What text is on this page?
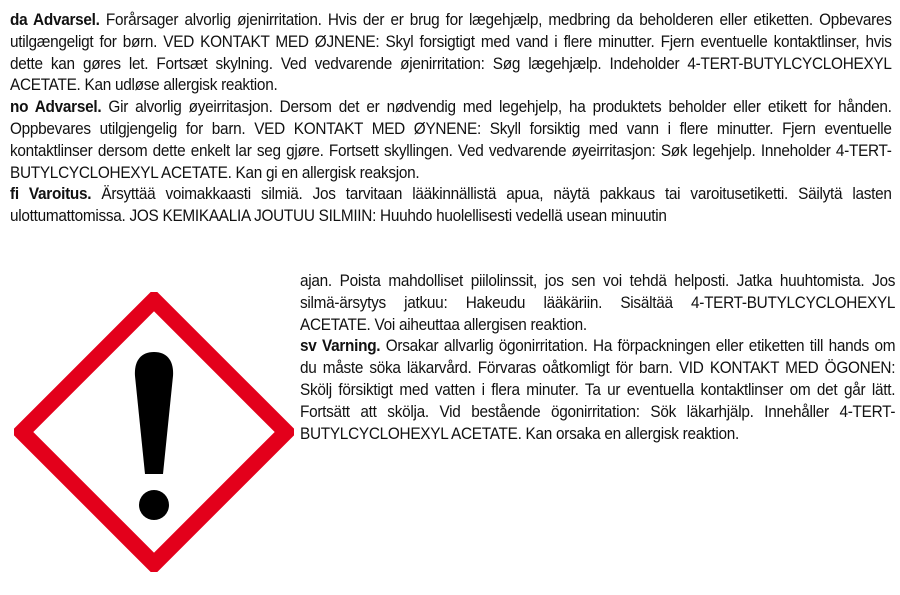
da Advarsel. Forårsager alvorlig øjenirritation. Hvis der er brug for lægehjælp, medbring da beholderen eller etiketten. Opbevares utilgængeligt for børn. VED KONTAKT MED ØJNENE: Skyl forsigtigt med vand i flere minutter. Fjern eventuelle kontaktlinser, hvis dette kan gøres let. Fortsæt skylning. Ved vedvarende øjenirritation: Søg lægehjælp. Indeholder 4-TERT-BUTYLCYCLOHEXYL ACETATE. Kan udløse allergisk reaktion.

no Advarsel. Gir alvorlig øyeirritasjon. Dersom det er nødvendig med legehjelp, ha produktets beholder eller etikett for hånden. Oppbevares utilgjengelig for barn. VED KONTAKT MED ØYNENE: Skyll forsiktig med vann i flere minutter. Fjern eventuelle kontaktlinser dersom dette enkelt lar seg gjøre. Fortsett skyllingen. Ved vedvarende øyeirritasjon: Søk legehjelp. Inneholder 4-TERT-BUTYLCYCLOHEXYL ACETATE. Kan gi en allergisk reaksjon.

fi Varoitus. Ärsyttää voimakkaasti silmiä. Jos tarvitaan lääkinnällistä apua, näytä pakkaus tai varoitusetiketti. Säilytä lasten ulottumattomissa. JOS KEMIKAALIA JOUTUU SILMIIN: Huuhdo huolellisesti vedellä usean minuutin

ajan. Poista mahdolliset piilolinssit, jos sen voi tehdä helposti. Jatka huuhtomista. Jos silmä-ärsytys jatkuu: Hakeudu lääkäriin. Sisältää 4-TERT-BUTYLCYCLOHEXYL ACETATE. Voi aiheuttaa allergisen reaktion.

sv Varning. Orsakar allvarlig ögonirritation. Ha förpackningen eller etiketten till hands om du måste söka läkarvård. Förvaras oåtkomligt för barn. VID KONTAKT MED ÖGONEN: Skölj försiktigt med vatten i flera minuter. Ta ur eventuella kontaktlinser om det går lätt. Fortsätt att skölja. Vid bestående ögonirritation: Sök läkarhjälp. Innehåller 4-TERT-BUTYLCYCLOHEXYL ACETATE. Kan orsaka en allergisk reaktion.
